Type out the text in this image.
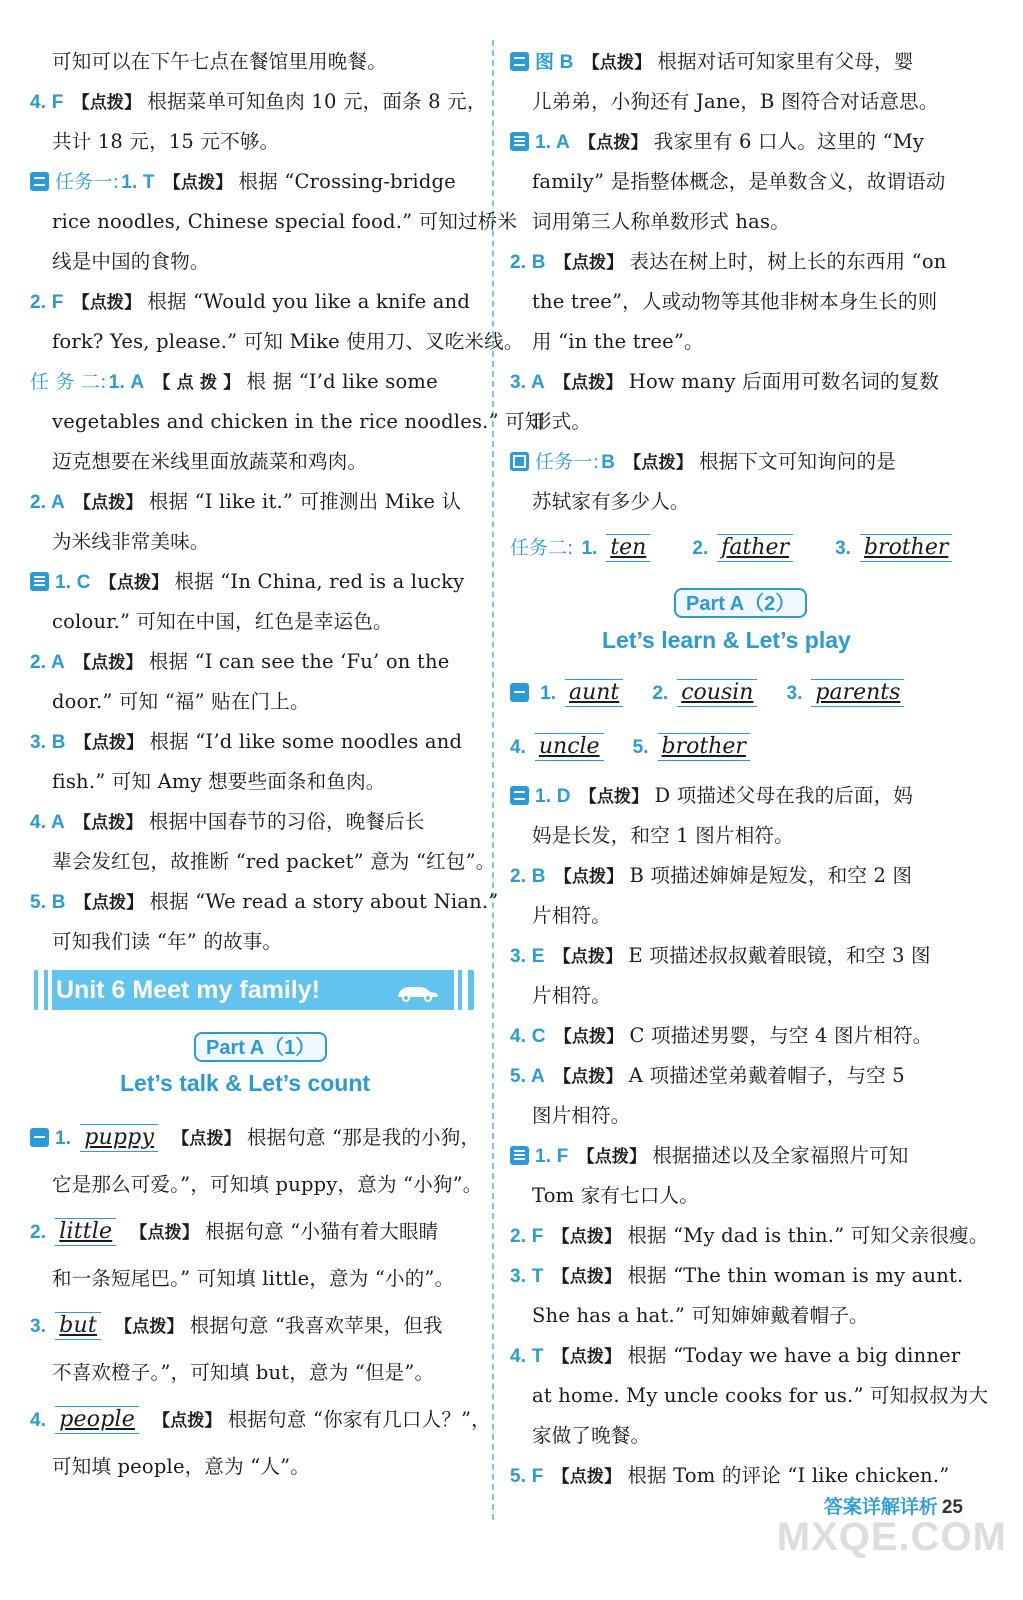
可知可以在下午七点在餐馆里用晚餐。
4. F 【点拨】 根据菜单可知鱼肉 10 元，面条 8 元，
共计 18 元，15 元不够。
任务一: 1. T 【点拨】 根据 “Crossing-bridge
rice noodles, Chinese special food.” 可知过桥米
线是中国的食物。
2. F 【点拨】 根据 “Would you like a knife and
fork? Yes, please.” 可知 Mike 使用刀、叉吃米线。
任 务 二: 1. A 【 点 拨 】 根 据 “I’d like some
vegetables and chicken in the rice noodles.” 可知
迈克想要在米线里面放蔬菜和鸡肉。
2. A 【点拨】 根据 “I like it.” 可推测出 Mike 认
为米线非常美味。
1. C 【点拨】 根据 “In China, red is a lucky
colour.” 可知在中国，红色是幸运色。
2. A 【点拨】 根据 “I can see the ‘Fu’ on the
door.” 可知 “福” 贴在门上。
3. B 【点拨】 根据 “I’d like some noodles and
fish.” 可知 Amy 想要些面条和鱼肉。
4. A 【点拨】 根据中国春节的习俗，晚餐后长
辈会发红包，故推断 “red packet” 意为 “红包”。
5. B 【点拨】 根据 “We read a story about Nian.”
可知我们读 “年” 的故事。
Unit 6 Meet my family!
Part A（1）
Let’s talk & Let’s count
1. puppy 【点拨】 根据句意 “那是我的小狗，
它是那么可爱。”，可知填 puppy，意为 “小狗”。
2. little 【点拨】 根据句意 “小猫有着大眼睛
和一条短尾巴。” 可知填 little，意为 “小的”。
3. but 【点拨】 根据句意 “我喜欢苹果，但我
不喜欢橙子。”，可知填 but，意为 “但是”。
4. people 【点拨】 根据句意 “你家有几口人？”，
可知填 people，意为 “人”。
图 B 【点拨】 根据对话可知家里有父母，婴
儿弟弟，小狗还有 Jane，B 图符合对话意思。
1. A 【点拨】 我家里有 6 口人。这里的 “My
family” 是指整体概念，是单数含义，故谓语动
词用第三人称单数形式 has。
2. B 【点拨】 表达在树上时，树上长的东西用 “on
the tree”，人或动物等其他非树本身生长的则
用 “in the tree”。
3. A 【点拨】 How many 后面用可数名词的复数
形式。
任务一: B 【点拨】 根据下文可知询问的是
苏轼家有多少人。
任务二: 1. ten 2. father 3. brother
Part A（2）
Let’s learn & Let’s play
1. aunt 2. cousin 3. parents
4. uncle 5. brother
1. D 【点拨】 D 项描述父母在我的后面，妈
妈是长发，和空 1 图片相符。
2. B 【点拨】 B 项描述婶婶是短发，和空 2 图
片相符。
3. E 【点拨】 E 项描述叔叔戴着眼镜，和空 3 图
片相符。
4. C 【点拨】 C 项描述男婴，与空 4 图片相符。
5. A 【点拨】 A 项描述堂弟戴着帽子，与空 5
图片相符。
1. F 【点拨】 根据描述以及全家福照片可知
Tom 家有七口人。
2. F 【点拨】 根据 “My dad is thin.” 可知父亲很瘦。
3. T 【点拨】 根据 “The thin woman is my aunt.
She has a hat.” 可知婶婶戴着帽子。
4. T 【点拨】 根据 “Today we have a big dinner
at home. My uncle cooks for us.” 可知叔叔为大
家做了晚餐。
5. F 【点拨】 根据 Tom 的评论 “I like chicken.”
答案详解详析 25
MXQE.COM
